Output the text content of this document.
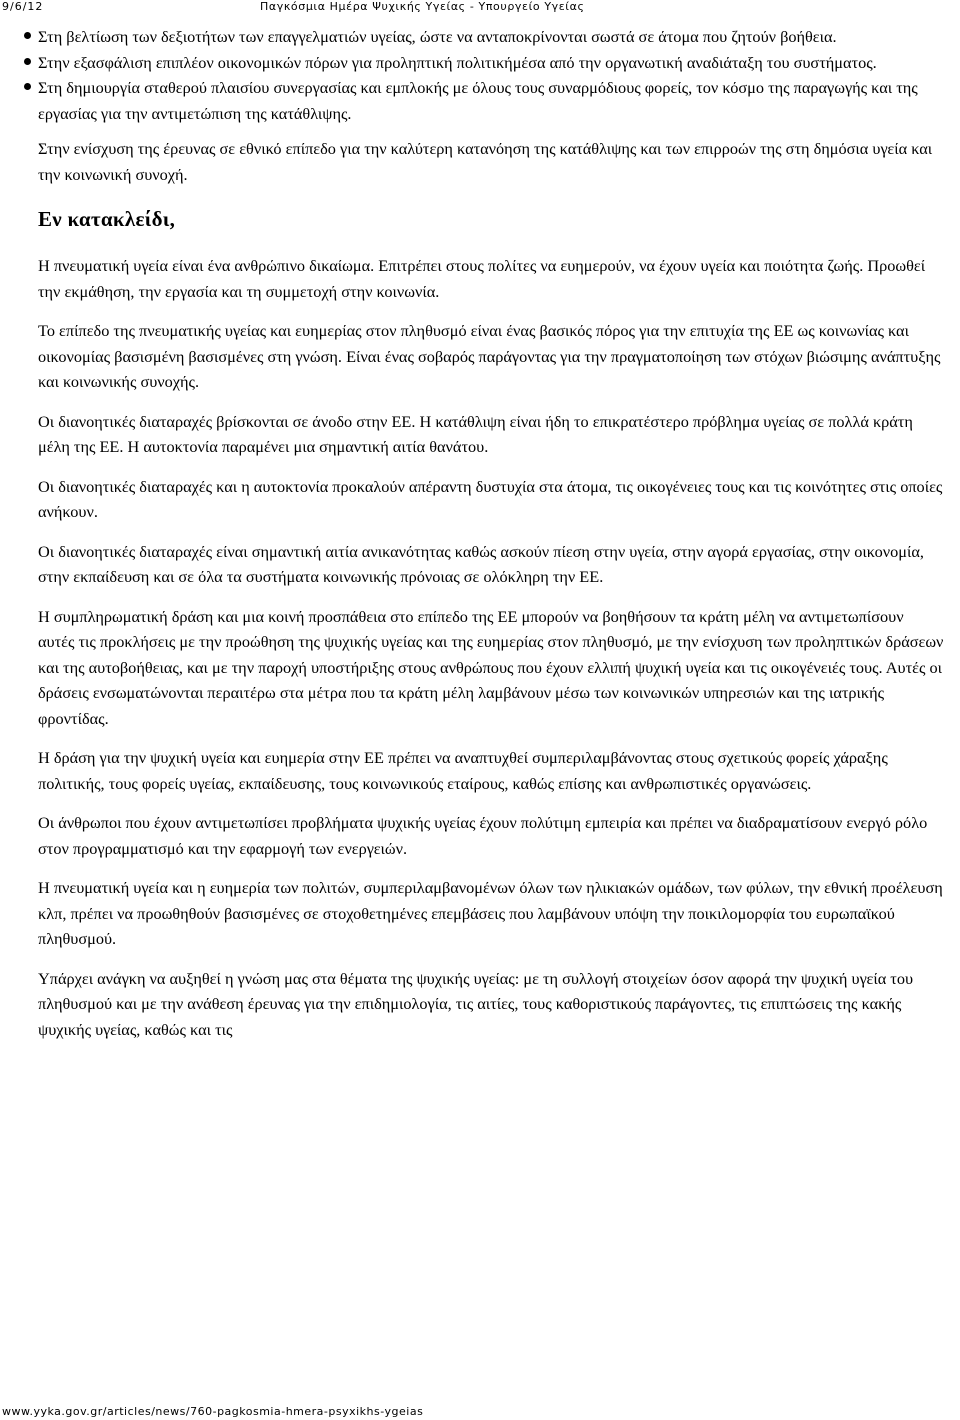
9/6/12	Παγκόσμια Ημέρα Ψυχικής Υγείας - Υπουργείο Υγείας
Στη βελτίωση των δεξιοτήτων των επαγγελματιών υγείας, ώστε να ανταποκρίνονται σωστά σε άτομα που ζητούν βοήθεια.
Στην εξασφάλιση επιπλέον οικονομικών πόρων για προληπτική πολιτικήμέσα από την οργανωτική αναδιάταξη του συστήματος.
Στη δημιουργία σταθερού πλαισίου συνεργασίας και εμπλοκής με όλους τους συναρμόδιους φορείς, τον κόσμο της παραγωγής και της εργασίας για την αντιμετώπιση της κατάθλιψης.

Στην ενίσχυση της έρευνας σε εθνικό επίπεδο για την καλύτερη κατανόηση της κατάθλιψης και των επιρροών της στη δημόσια υγεία και την κοινωνική συνοχή.

Εν κατακλείδι,

Η πνευματική υγεία είναι ένα ανθρώπινο δικαίωμα. Επιτρέπει στους πολίτες να ευημερούν, να έχουν υγεία και ποιότητα ζωής. Προωθεί την εκμάθηση, την εργασία και τη συμμετοχή στην κοινωνία.

Το επίπεδο της πνευματικής υγείας και ευημερίας στον πληθυσμό είναι ένας βασικός πόρος για την επιτυχία της ΕΕ ως κοινωνίας και οικονομίας βασισμένη βασισμένες στη γνώση. Είναι ένας σοβαρός παράγοντας για την πραγματοποίηση των στόχων βιώσιμης ανάπτυξης και κοινωνικής συνοχής.

Οι διανοητικές διαταραχές βρίσκονται σε άνοδο στην ΕΕ. Η κατάθλιψη είναι ήδη το επικρατέστερο πρόβλημα υγείας σε πολλά κράτη μέλη της ΕΕ. Η αυτοκτονία παραμένει μια σημαντική αιτία θανάτου.

Οι διανοητικές διαταραχές και η αυτοκτονία προκαλούν απέραντη δυστυχία στα άτομα, τις οικογένειες τους και τις κοινότητες στις οποίες ανήκουν.

Οι διανοητικές διαταραχές είναι σημαντική αιτία ανικανότητας καθώς ασκούν πίεση στην υγεία, στην αγορά εργασίας, στην οικονομία, στην εκπαίδευση και σε όλα τα συστήματα κοινωνικής πρόνοιας σε ολόκληρη την ΕΕ.

Η συμπληρωματική δράση και μια κοινή προσπάθεια στο επίπεδο της ΕΕ μπορούν να βοηθήσουν τα κράτη μέλη να αντιμετωπίσουν αυτές τις προκλήσεις με την προώθηση της ψυχικής υγείας και της ευημερίας στον πληθυσμό, με την ενίσχυση των προληπτικών δράσεων και της αυτοβοήθειας, και με την παροχή υποστήριξης στους ανθρώπους που έχουν ελλιπή ψυχική υγεία και τις οικογένειές τους. Αυτές οι δράσεις ενσωματώνονται περαιτέρω στα μέτρα που τα κράτη μέλη λαμβάνουν μέσω των κοινωνικών υπηρεσιών και της ιατρικής φροντίδας.

Η δράση για την ψυχική υγεία και ευημερία στην ΕΕ πρέπει να αναπτυχθεί συμπεριλαμβάνοντας στους σχετικούς φορείς χάραξης πολιτικής, τους φορείς υγείας, εκπαίδευσης, τους κοινωνικούς εταίρους, καθώς επίσης και ανθρωπιστικές οργανώσεις.

Οι άνθρωποι που έχουν αντιμετωπίσει προβλήματα ψυχικής υγείας έχουν πολύτιμη εμπειρία και πρέπει να διαδραματίσουν ενεργό ρόλο στον προγραμματισμό και την εφαρμογή των ενεργειών.

Η πνευματική υγεία και η ευημερία των πολιτών, συμπεριλαμβανομένων όλων των ηλικιακών ομάδων, των φύλων, την εθνική προέλευση κλπ, πρέπει να προωθηθούν βασισμένες σε στοχοθετημένες επεμβάσεις που λαμβάνουν υπόψη την ποικιλομορφία του ευρωπαϊκού πληθυσμού.

Υπάρχει ανάγκη να αυξηθεί η γνώση μας στα θέματα της ψυχικής υγείας: με τη συλλογή στοιχείων όσον αφορά την ψυχική υγεία του πληθυσμού και με την ανάθεση έρευνας για την επιδημιολογία, τις αιτίες, τους καθοριστικούς παράγοντες, τις επιπτώσεις της κακής ψυχικής υγείας, καθώς και τις

www.yyka.gov.gr/articles/news/760-pagkosmia-hmera-psyxikhs-ygeias
